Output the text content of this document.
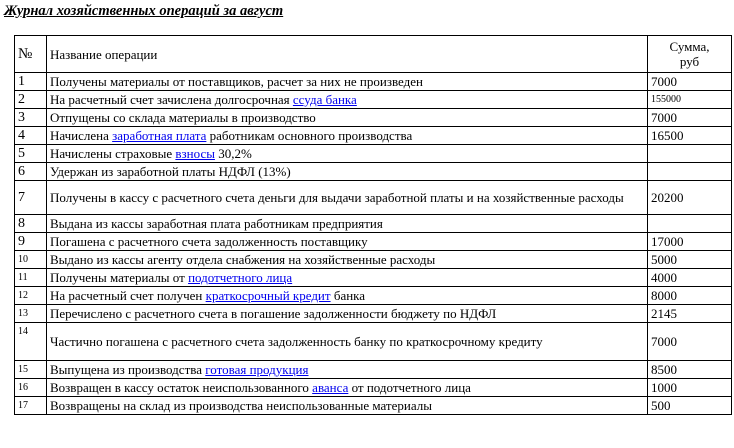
Журнал хозяйственных операций за август
№	Название операции	Сумма,
руб
1	Получены материалы от поставщиков, расчет за них не произведен	7000
2	На расчетный счет зачислена долгосрочная ссуда банка	155000
3	Отпущены со склада материалы в производство	7000
4	Начислена заработная плата работникам основного производства	16500
5	Начислены страховые взносы 30,2%	
6	Удержан из заработной платы НДФЛ (13%)	
7	Получены в кассу с расчетного счета деньги для выдачи заработной платы и на хозяйственные расходы	20200
8	Выдана из кассы заработная плата работникам предприятия	
9	Погашена с расчетного счета задолженность поставщику	17000
10	Выдано из кассы агенту отдела снабжения на хозяйственные расходы	5000
11	Получены материалы от подотчетного лица	4000
12	На расчетный счет получен краткосрочный кредит банка	8000
13	Перечислено с расчетного счета в погашение задолженности бюджету по НДФЛ	2145
14	Частично погашена с расчетного счета задолженность банку по краткосрочному кредиту	7000
15	Выпущена из производства готовая продукция	8500
16	Возвращен в кассу остаток неиспользованного аванса от подотчетного лица	1000
17	Возвращены на склад из производства неиспользованные материалы	500
